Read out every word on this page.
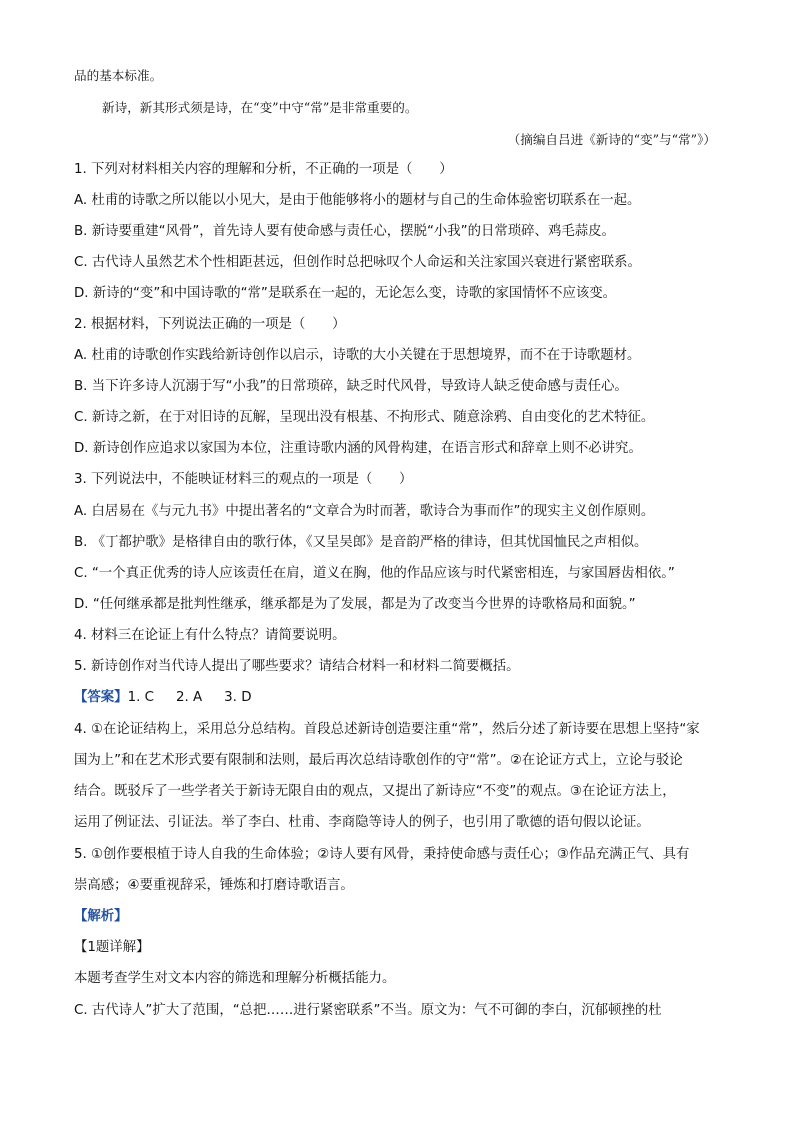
品的基本标准。
新诗，新其形式须是诗，在“变”中守“常”是非常重要的。
（摘编自吕进《新诗的“变”与“常”》）
1. 下列对材料相关内容的理解和分析，不正确的一项是（　　）
A. 杜甫的诗歌之所以能以小见大，是由于他能够将小的题材与自己的生命体验密切联系在一起。
B. 新诗要重建“风骨”，首先诗人要有使命感与责任心，摆脱“小我”的日常琐碎、鸡毛蒜皮。
C. 古代诗人虽然艺术个性相距甚远，但创作时总把咏叹个人命运和关注家国兴衰进行紧密联系。
D. 新诗的“变”和中国诗歌的“常”是联系在一起的，无论怎么变，诗歌的家国情怀不应该变。
2. 根据材料，下列说法正确的一项是（　　）
A. 杜甫的诗歌创作实践给新诗创作以启示，诗歌的大小关键在于思想境界，而不在于诗歌题材。
B. 当下许多诗人沉溺于写“小我”的日常琐碎，缺乏时代风骨，导致诗人缺乏使命感与责任心。
C. 新诗之新，在于对旧诗的瓦解，呈现出没有根基、不拘形式、随意涂鸦、自由变化的艺术特征。
D. 新诗创作应追求以家国为本位，注重诗歌内涵的风骨构建，在语言形式和辞章上则不必讲究。
3. 下列说法中，不能映证材料三的观点的一项是（　　）
A. 白居易在《与元九书》中提出著名的“文章合为时而著，歌诗合为事而作”的现实主义创作原则。
B. 《丁都护歌》是格律自由的歌行体，《又呈吴郎》是音韵严格的律诗，但其忧国恤民之声相似。
C. “一个真正优秀的诗人应该责任在肩，道义在胸，他的作品应该与时代紧密相连，与家国唇齿相依。”
D. “任何继承都是批判性继承，继承都是为了发展，都是为了改变当今世界的诗歌格局和面貌。”
4. 材料三在论证上有什么特点？请简要说明。
5. 新诗创作对当代诗人提出了哪些要求？请结合材料一和材料二简要概括。
【答案】1. C 2. A 3. D
4. ①在论证结构上，采用总分总结构。首段总述新诗创造要注重“常”，然后分述了新诗要在思想上坚持“家
国为上”和在艺术形式要有限制和法则，最后再次总结诗歌创作的守“常”。②在论证方式上，立论与驳论
结合。既驳斥了一些学者关于新诗无限自由的观点，又提出了新诗应“不变”的观点。③在论证方法上，
运用了例证法、引证法。举了李白、杜甫、李商隐等诗人的例子，也引用了歌德的语句假以论证。
5. ①创作要根植于诗人自我的生命体验；②诗人要有风骨，秉持使命感与责任心；③作品充满正气、具有
崇高感；④要重视辞采，锤炼和打磨诗歌语言。
【解析】
【1题详解】
本题考查学生对文本内容的筛选和理解分析概括能力。
C. 古代诗人”扩大了范围，“总把……进行紧密联系”不当。原文为：气不可御的李白，沉郁顿挫的杜
